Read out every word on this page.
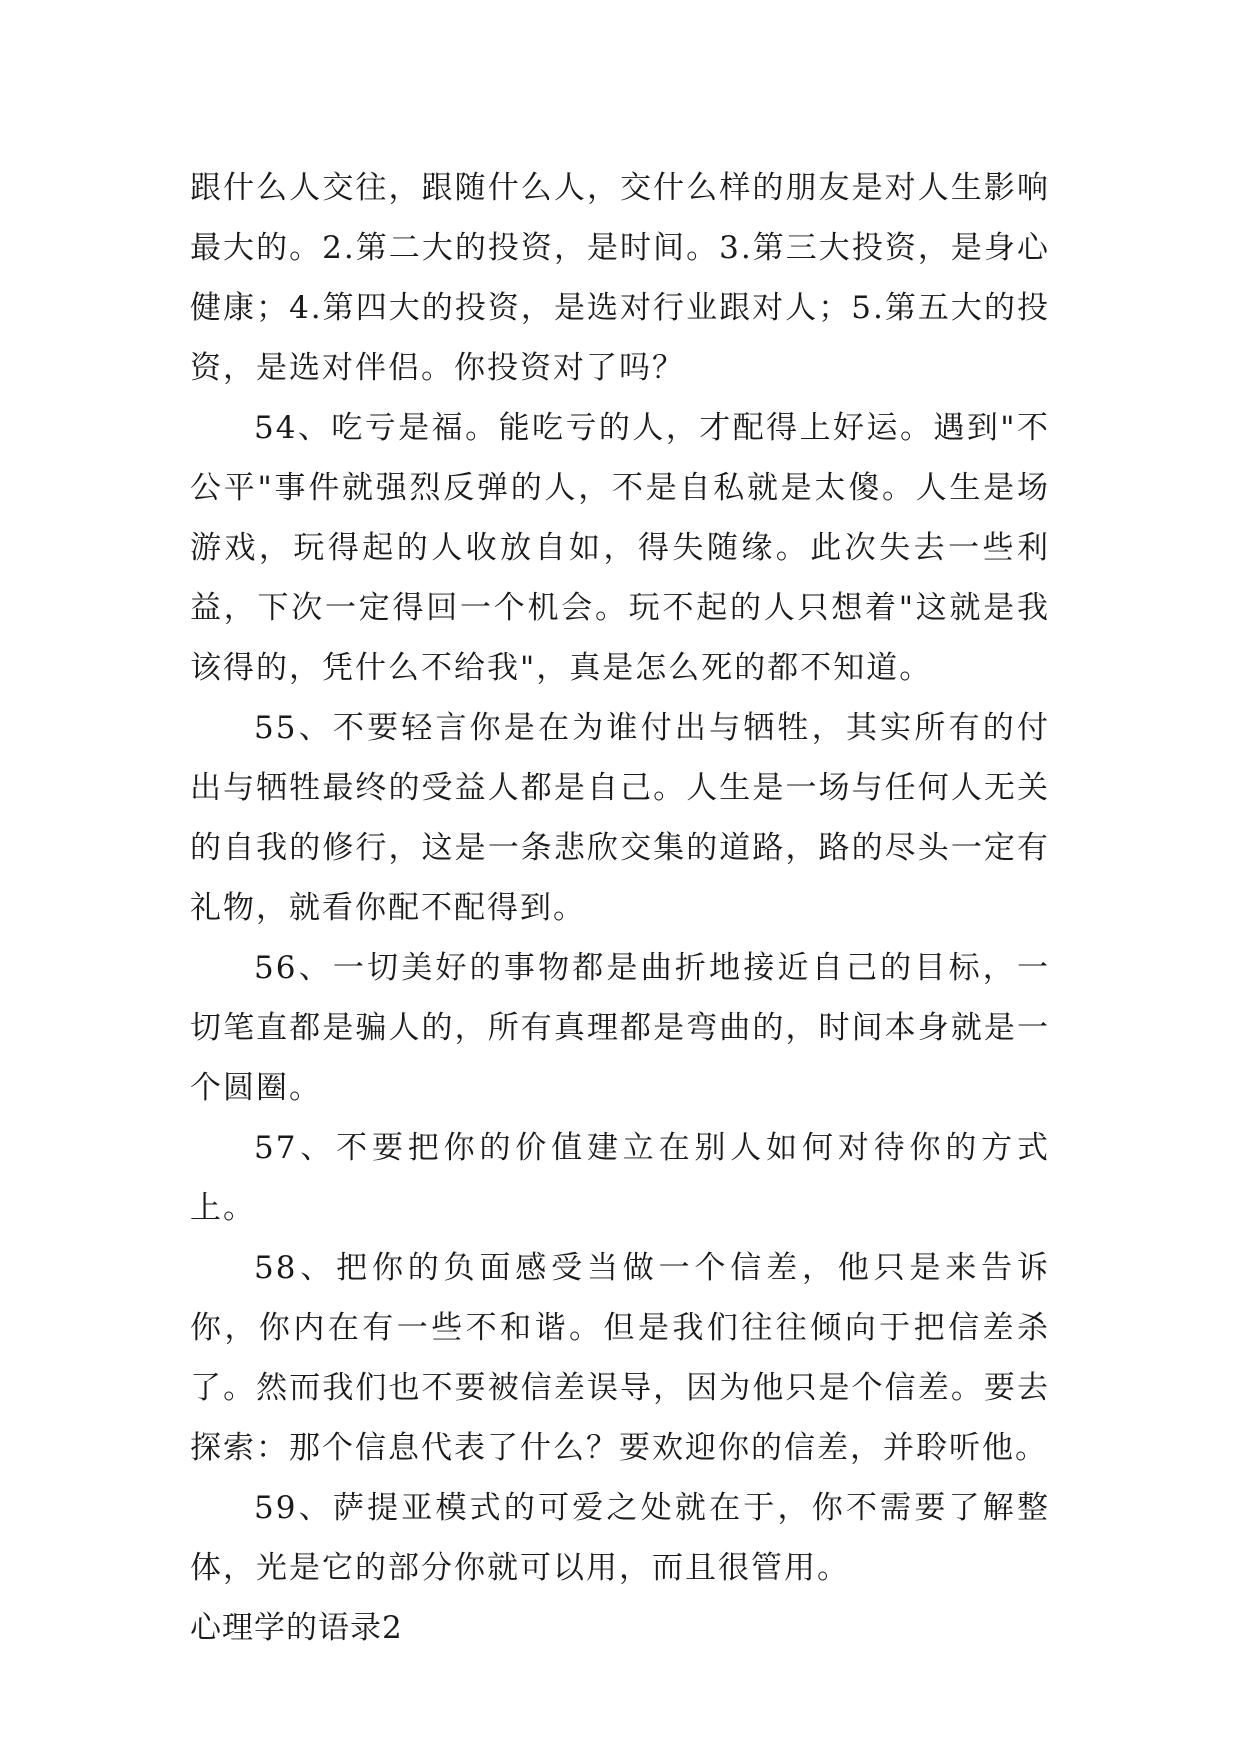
跟什么人交往，跟随什么人，交什么样的朋友是对人生影响最大的。2.第二大的投资，是时间。3.第三大投资，是身心健康；4.第四大的投资，是选对行业跟对人；5.第五大的投资，是选对伴侣。你投资对了吗？

54、吃亏是福。能吃亏的人，才配得上好运。遇到"不公平"事件就强烈反弹的人，不是自私就是太傻。人生是场游戏，玩得起的人收放自如，得失随缘。此次失去一些利益，下次一定得回一个机会。玩不起的人只想着"这就是我该得的，凭什么不给我"，真是怎么死的都不知道。

55、不要轻言你是在为谁付出与牺牲，其实所有的付出与牺牲最终的受益人都是自己。人生是一场与任何人无关的自我的修行，这是一条悲欣交集的道路，路的尽头一定有礼物，就看你配不配得到。

56、一切美好的事物都是曲折地接近自己的目标，一切笔直都是骗人的，所有真理都是弯曲的，时间本身就是一个圆圈。

57、不要把你的价值建立在别人如何对待你的方式上。

58、把你的负面感受当做一个信差，他只是来告诉你，你内在有一些不和谐。但是我们往往倾向于把信差杀了。然而我们也不要被信差误导，因为他只是个信差。要去探索：那个信息代表了什么？要欢迎你的信差，并聆听他。

59、萨提亚模式的可爱之处就在于，你不需要了解整体，光是它的部分你就可以用，而且很管用。

心理学的语录2
